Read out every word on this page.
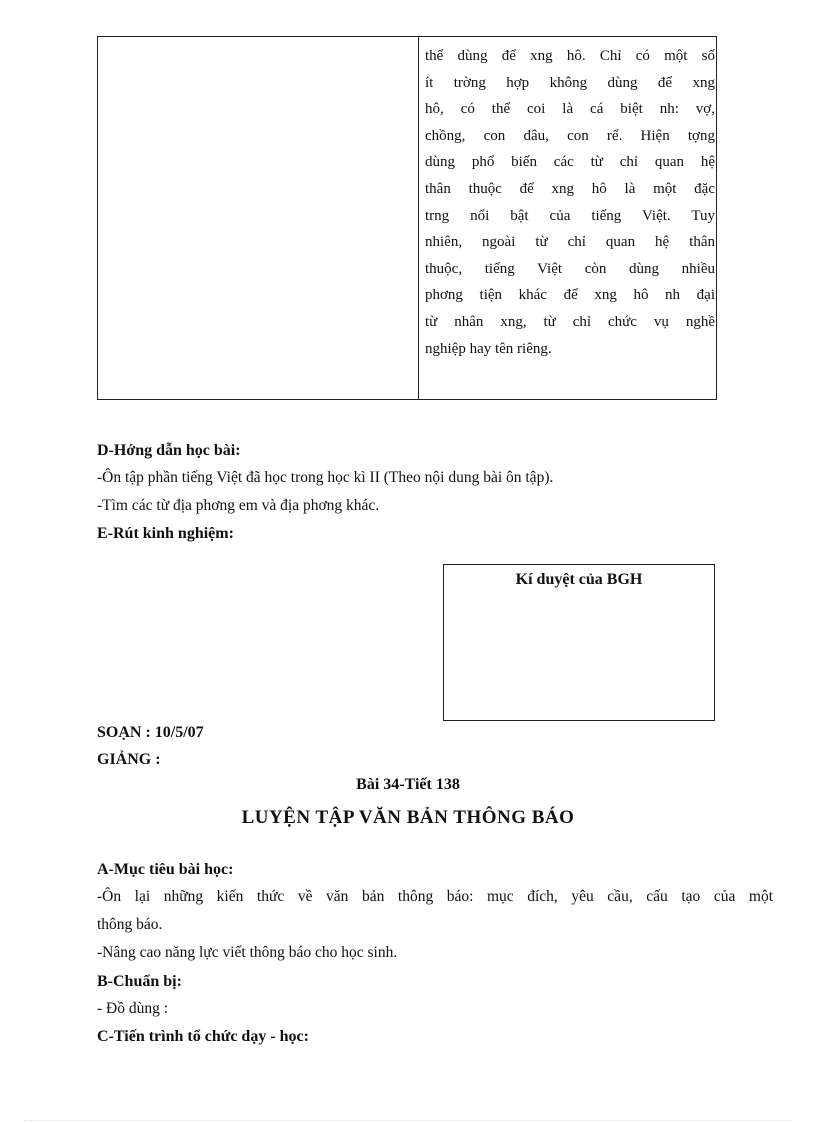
thể dùng để xng hô. Chỉ có một số
ít trờng hợp không dùng để xng
hô, có thể coi là cá biệt nh: vợ,
chồng, con dâu, con rể. Hiện tợng
dùng phổ biến các từ chỉ quan hệ
thân thuộc để xng hô là một đặc
trng nổi bật của tiếng Việt. Tuy
nhiên, ngoài từ chỉ quan hệ thân
thuộc, tiếng Việt còn dùng nhiều
phơng tiện khác để xng hô nh đại
từ nhân xng, từ chỉ chức vụ nghề
nghiệp hay tên riêng.
D-Hớng dẫn học bài:
-Ôn tập phần tiếng Việt đã học trong học kì II (Theo nội dung bài ôn tập).
-Tìm các từ địa phơng em và địa phơng khác.
E-Rút kinh nghiệm:
Kí duyệt của BGH
SOẠN : 10/5/07
GIẢNG :
Bài 34-Tiết 138
LUYỆN TẬP VĂN BẢN THÔNG BÁO
A-Mục tiêu bài học:
-Ôn lại những kiến thức về văn bản thông báo: mục đích, yêu cầu, cấu tạo của một
thông báo.
-Nâng cao năng lực viết thông báo cho học sinh.
B-Chuẩn bị:
- Đồ dùng :
C-Tiến trình tổ chức dạy - học:
